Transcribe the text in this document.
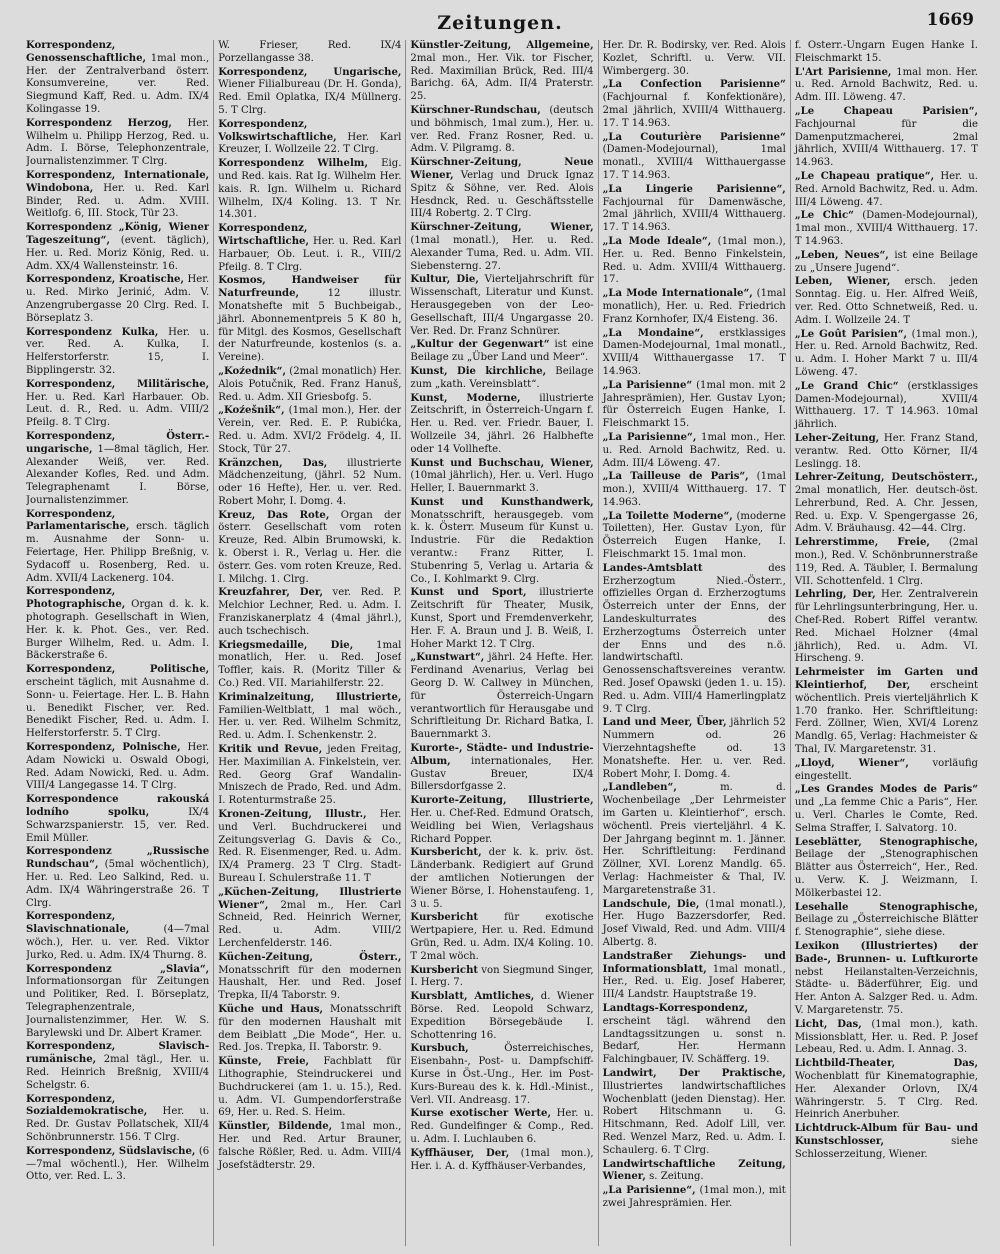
Zeitungen.	1669

Korrespondenz, Genossenschaftliche, 1mal mon., Her. der Zentralverband österr. Konsumvereine, ver. Red. Siegmund Kaff, Red. u. Adm. IX/4 Kolingasse 19.

Korrespondenz Herzog, Her. Wilhelm u. Philipp Herzog, Red. u. Adm. I. Börse, Telephonzentrale, Journalistenzimmer. T Clrg.

Korrespondenz, Internationale, Windobona, Her. u. Red. Karl Binder, Red. u. Adm. XVIII. Weitlofg. 6, III. Stock, Tür 23.

Korrespondenz „König, Wiener Tageszeitung“, (event. täglich), Her. u. Red. Moriz König, Red. u. Adm. XX/4 Wallensteinstr. 16.

Korrespondenz, Kroatische, Her. u. Red. Mirko Jerinić, Adm. V. Anzengrubergasse 20 Clrg. Red. I. Börseplatz 3.

Korrespondenz Kulka, Her. u. ver. Red. A. Kulka, I. Helferstorferstr. 15, I. Bipplingerstr. 32.

Korrespondenz, Militärische, Her. u. Red. Karl Harbauer. Ob. Leut. d. R., Red. u. Adm. VIII/2 Pfeilg. 8. T Clrg.

Korrespondenz, Österr.-ungarische, 1—8mal täglich, Her. Alexander Weiß, ver. Red. Alexander Kofles, Red. und Adm. Telegraphenamt I. Börse, Journalistenzimmer.

Korrespondenz, Parlamentarische, ersch. täglich m. Ausnahme der Sonn- u. Feiertage, Her. Philipp Breßnig, v. Sydacoff u. Rosenberg, Red. u. Adm. XVII/4 Lackenerg. 104.

Korrespondenz, Photographische, Organ d. k. k. photograph. Gesellschaft in Wien, Her. k. k. Phot. Ges., ver. Red. Burger Wilhelm, Red. u. Adm. I. Bäckerstraße 6.

Korrespondenz, Politische, erscheint täglich, mit Ausnahme d. Sonn- u. Feiertage. Her. L. B. Hahn u. Benedikt Fischer, ver. Red. Benedikt Fischer, Red. u. Adm. I. Helferstorferstr. 5. T Clrg.

Korrespondenz, Polnische, Her. Adam Nowicki u. Oswald Obogi, Red. Adam Nowicki, Red. u. Adm. VIII/4 Langegasse 14. T Clrg.

Korrespondence rakouská lodního spolku, IX/4 Schwarzspanierstr. 15, ver. Red. Emil Müller.

Korrespondenz „Russische Rundschau“, (5mal wöchentlich), Her. u. Red. Leo Salkind, Red. u. Adm. IX/4 Währingerstraße 26. T Clrg.

Korrespondenz, Slavischnationale, (4—7mal wöch.), Her. u. ver. Red. Viktor Jurko, Red. u. Adm. IX/4 Thurng. 8.

Korrespondenz „Slavia“, Informationsorgan für Zeitungen und Politiker, Red. I. Börseplatz, Telegraphenzentrale, Journalistenzimmer, Her. W. S. Barylewski und Dr. Albert Kramer.

Korrespondenz, Slavisch-rumänische, 2mal tägl., Her. u. Red. Heinrich Breßnig, XVIII/4 Schelgstr. 6.

Korrespondenz, Sozialdemokratische, Her. u. Red. Dr. Gustav Pollatschek, XII/4 Schönbrunnerstr. 156. T Clrg.

Korrespondenz, Südslavische, (6—7mal wöchentl.), Her. Wilhelm Otto, ver. Red. L. 3.

W. Frieser, Red. IX/4 Porzellangasse 38.

Korrespondenz, Ungarische, Wiener Filialbureau (Dr. H. Gonda), Red. Emil Oplatka, IX/4 Müllnerg. 5. T Clrg.

Korrespondenz, Volkswirtschaftliche, Her. Karl Kreuzer, I. Wollzeile 22. T Clrg.

Korrespondenz Wilhelm, Eig. und Red. kais. Rat Ig. Wilhelm Her. kais. R. Ign. Wilhelm u. Richard Wilhelm, IX/4 Koling. 13. T Nr. 14.301.

Korrespondenz, Wirtschaftliche, Her. u. Red. Karl Harbauer, Ob. Leut. i. R., VIII/2 Pfeilg. 8. T Clrg.

Kosmos, Handweiser für Naturfreunde, 12 illustr. Monatshefte mit 5 Buchbeigab., jährl. Abonnementpreis 5 K 80 h, für Mitgl. des Kosmos, Gesellschaft der Naturfreunde, kostenlos (s. a. Vereine).

„Koźednik“, (2mal monatlich) Her. Alois Potučnik, Red. Franz Hanuš, Red. u. Adm. XII Griesbofg. 5.

„Koźešnik“, (1mal mon.), Her. der Verein, ver. Red. E. P. Rubićka, Red. u. Adm. XVI/2 Frödelg. 4, II. Stock, Tür 27.

Kränzchen, Das, illustrierte Mädchenzeitung, (jährl. 52 Num. oder 16 Hefte), Her. u. ver. Red. Robert Mohr, I. Domg. 4.

Kreuz, Das Rote, Organ der österr. Gesellschaft vom roten Kreuze, Red. Albin Brumowski, k. k. Oberst i. R., Verlag u. Her. die österr. Ges. vom roten Kreuze, Red. I. Milchg. 1. Clrg.

Kreuzfahrer, Der, ver. Red. P. Melchior Lechner, Red. u. Adm. I. Franziskanerplatz 4 (4mal jährl.), auch tschechisch.

Kriegsmedaille, Die, 1mal monatlich, Her. u. Red. Josef Toffler, kais. R. (Moritz Tiller & Co.) Red. VII. Mariahilferstr. 22.

Kriminalzeitung, Illustrierte, Familien-Weltblatt, 1 mal wöch., Her. u. ver. Red. Wilhelm Schmitz, Red. u. Adm. I. Schenkenstr. 2.

Kritik und Revue, jeden Freitag, Her. Maximilian A. Finkelstein, ver. Red. Georg Graf Wandalin-Mniszech de Prado, Red. und Adm. I. Rotenturmstraße 25.

Kronen-Zeitung, Illustr., Her. und Verl. Buchdruckerei und Zeitungsverlag G. Davis & Co., Red. R. Eisenmenger, Red. u. Adm. IX/4 Pramerg. 23 T Clrg. Stadt-Bureau I. Schulerstraße 11. T

„Küchen-Zeitung, Illustrierte Wiener“, 2mal m., Her. Carl Schneid, Red. Heinrich Werner, Red. u. Adm. VIII/2 Lerchenfelderstr. 146.

Küchen-Zeitung, Österr., Monatsschrift für den modernen Haushalt, Her. und Red. Josef Trepka, II/4 Taborstr. 9.

Küche und Haus, Monatsschrift für den modernen Haushalt mit dem Beiblatt „Die Mode“, Her. u. Red. Jos. Trepka, II. Taborstr. 9.

Künste, Freie, Fachblatt für Lithographie, Steindruckerei und Buchdruckerei (am 1. u. 15.), Red. u. Adm. VI. Gumpendorferstraße 69, Her. u. Red. S. Heim.

Künstler, Bildende, 1mal mon., Her. und Red. Artur Brauner, falsche Rößler, Red. u. Adm. VIII/4 Josefstädterstr. 29.

Künstler-Zeitung, Allgemeine, 2mal mon., Her. Vik. tor Fischer, Red. Maximilian Brück, Red. III/4 Barichg. 6A, Adm. II/4 Praterstr. 25.

Kürschner-Rundschau, (deutsch und böhmisch, 1mal zum.), Her. u. ver. Red. Franz Rosner, Red. u. Adm. V. Pilgramg. 8.

Kürschner-Zeitung, Neue Wiener, Verlag und Druck Ignaz Spitz & Söhne, ver. Red. Alois Hesdnck, Red. u. Geschäftsstelle III/4 Robertg. 2. T Clrg.

Kürschner-Zeitung, Wiener, (1mal monatl.), Her. u. Red. Alexander Tuma, Red. u. Adm. VII. Siebensterng. 27.

Kultur, Die, Vierteljahrschrift für Wissenschaft, Literatur und Kunst. Herausgegeben von der Leo-Gesellschaft, III/4 Ungargasse 20. Ver. Red. Dr. Franz Schnürer.

„Kultur der Gegenwart“ ist eine Beilage zu „Über Land und Meer“.

Kunst, Die kirchliche, Beilage zum „kath. Vereinsblatt“.

Kunst, Moderne, illustrierte Zeitschrift, in Österreich-Ungarn f. Her. u. Red. ver. Friedr. Bauer, I. Wollzeile 34, jährl. 26 Halbhefte oder 14 Vollhefte.

Kunst und Buchschau, Wiener, (10mal jährlich), Her. u. Verl. Hugo Heller, I. Bauernmarkt 3.

Kunst und Kunsthandwerk, Monatsschrift, herausgegeb. vom k. k. Österr. Museum für Kunst u. Industrie. Für die Redaktion verantw.: Franz Ritter, I. Stubenring 5, Verlag u. Artaria & Co., I. Kohlmarkt 9. Clrg.

Kunst und Sport, illustrierte Zeitschrift für Theater, Musik, Kunst, Sport und Fremdenverkehr, Her. F. A. Braun und J. B. Weiß, I. Hoher Markt 12. T Clrg.

„Kunstwart“, jährl. 24 Hefte. Her. Ferdinand Avenarius, Verlag bei Georg D. W. Callwey in München, für Österreich-Ungarn verantwortlich für Herausgabe und Schriftleitung Dr. Richard Batka, I. Bauernmarkt 3.

Kurorte-, Städte- und Industrie-Album, internationales, Her. Gustav Breuer, IX/4 Billersdorfgasse 2.

Kurorte-Zeitung, Illustrierte, Her. u. Chef-Red. Edmund Oratsch, Weidling bei Wien, Verlagshaus Richard Popper.

Kursbericht, der k. k. priv. öst. Länderbank. Redigiert auf Grund der amtlichen Notierungen der Wiener Börse, I. Hohenstaufeng. 1, 3 u. 5.

Kursbericht für exotische Wertpapiere, Her. u. Red. Edmund Grün, Red. u. Adm. IX/4 Koling. 10. T 2mal wöch.

Kursbericht von Siegmund Singer, I. Herg. 7.

Kursblatt, Amtliches, d. Wiener Börse. Red. Leopold Schwarz, Expedition Börsegebäude I. Schottenring 16.

Kursbuch, Österreichisches, Eisenbahn-, Post- u. Dampfschiff-Kurse in Öst.-Ung., Her. im Post-Kurs-Bureau des k. k. Hdl.-Minist., Verl. VII. Andreasg. 17.

Kurse exotischer Werte, Her. u. Red. Gundelfinger & Comp., Red. u. Adm. I. Luchlauben 6.

Kyffhäuser, Der, (1mal mon.), Her. i. A. d. Kyffhäuser-Verbandes,

Her. Dr. R. Bodirsky, ver. Red. Alois Kozlet, Schriftl. u. Verw. VII. Wimbergerg. 30.

„La Confection Parisienne“ (Fachjournal f. Konfektionäre), 2mal jährlich, XVIII/4 Witthauerg. 17. T 14.963.

„La Couturière Parisienne“ (Damen-Modejournal), 1mal monatl., XVIII/4 Witthauergasse 17. T 14.963.

„La Lingerie Parisienne“, Fachjournal für Damenwäsche, 2mal jährlich, XVIII/4 Witthauerg. 17. T 14.963.

„La Mode Ideale“, (1mal mon.), Her. u. Red. Benno Finkelstein, Red. u. Adm. XVIII/4 Witthauerg. 17.

„La Mode Internationale“, (1mal monatlich), Her. u. Red. Friedrich Franz Kornhofer, IX/4 Eisteng. 36.

„La Mondaine“, erstklassiges Damen-Modejournal, 1mal monatl., XVIII/4 Witthauergasse 17. T 14.963.

„La Parisienne“ (1mal mon. mit 2 Jahresprämien), Her. Gustav Lyon; für Österreich Eugen Hanke, I. Fleischmarkt 15.

„La Parisienne“, 1mal mon., Her. u. Red. Arnold Bachwitz, Red. u. Adm. III/4 Löweng. 47.

„La Tailleuse de Paris“, (1mal mon.), XVIII/4 Witthauerg. 17. T 14.963.

„La Toilette Moderne“, (moderne Toiletten), Her. Gustav Lyon, für Österreich Eugen Hanke, I. Fleischmarkt 15. 1mal mon.

Landes-Amtsblatt des Erzherzogtum Nied.-Österr., offizielles Organ d. Erzherzogtums Österreich unter der Enns, der Landeskulturrates des Erzherzogtums Österreich unter der Enns und des n.ö. landwirtschaftl. Genossenschaftsvereines verantw. Red. Josef Opawski (jeden 1. u. 15). Red. u. Adm. VIII/4 Hamerlingplatz 9. T Clrg.

Land und Meer, Über, jährlich 52 Nummern od. 26 Vierzehntagshefte od. 13 Monatshefte. Her. u. ver. Red. Robert Mohr, I. Domg. 4.

„Landleben“, m. d. Wochenbeilage „Der Lehrmeister im Garten u. Kleintierhof“, ersch. wöchentl. Preis vierteljährl. 4 K. Der Jahrgang beginnt m. 1. Jänner. Her. Schriftleitung: Ferdinand Zöllner, XVI. Lorenz Mandlg. 65. Verlag: Hachmeister & Thal, IV. Margaretenstraße 31.

Landschule, Die, (1mal monatl.), Her. Hugo Bazzersdorfer, Red. Josef Viwald, Red. und Adm. VIII/4 Albertg. 8.

Landstraßer Ziehungs- und Informationsblatt, 1mal monatl., Her., Red. u. Eig. Josef Haberer, III/4 Landstr. Hauptstraße 19.

Landtags-Korrespondenz, erscheint tägl. während den Landtagssitzungen u. sonst n. Bedarf, Her. Hermann Falchingbauer, IV. Schäfferg. 19.

Landwirt, Der Praktische, Illustriertes landwirtschaftliches Wochenblatt (jeden Dienstag). Her. Robert Hitschmann u. G. Hitschmann, Red. Adolf Lill, ver. Red. Wenzel Marz, Red. u. Adm. I. Schaulerg. 6. T Clrg.

Landwirtschaftliche Zeitung, Wiener, s. Zeitung.

„La Parisienne“, (1mal mon.), mit zwei Jahresprämien. Her.

f. Österr.-Ungarn Eugen Hanke I. Fleischmarkt 15.

L'Art Parisienne, 1mal mon. Her. u. Red. Arnold Bachwitz, Red. u. Adm. III. Löweng. 47.

„Le Chapeau Parisien“, Fachjournal für die Damenputzmacherei, 2mal jährlich, XVIII/4 Witthauerg. 17. T 14.963.

„Le Chapeau pratique“, Her. u. Red. Arnold Bachwitz, Red. u. Adm. III/4 Löweng. 47.

„Le Chic“ (Damen-Modejournal), 1mal mon., XVIII/4 Witthauerg. 17. T 14.963.

„Leben, Neues“, ist eine Beilage zu „Unsere Jugend“.

Leben, Wiener, ersch. jeden Sonntag. Eig. u. Her. Alfred Weiß, ver. Red. Otto Schnetweiß, Red. u. Adm. I. Wollzeile 24. T

„Le Goût Parisien“, (1mal mon.), Her. u. Red. Arnold Bachwitz, Red. u. Adm. I. Hoher Markt 7 u. III/4 Löweng. 47.

„Le Grand Chic“ (erstklassiges Damen-Modejournal), XVIII/4 Witthauerg. 17. T 14.963. 10mal jährlich.

Leher-Zeitung, Her. Franz Stand, verantw. Red. Otto Körner, II/4 Leslingg. 18.

Lehrer-Zeitung, Deutschösterr., 2mal monatlich, Her. deutsch-öst. Lehrerbund, Red. A. Chr. Jessen, Red. u. Exp. V. Spengergasse 26, Adm. V. Bräuhausg. 42—44. Clrg.

Lehrerstimme, Freie, (2mal mon.), Red. V. Schönbrunnerstraße 119, Red. A. Täubler, I. Bermalung VII. Schottenfeld. 1 Clrg.

Lehrling, Der, Her. Zentralverein für Lehrlingsunterbringung, Her. u. Chef-Red. Robert Riffel verantw. Red. Michael Holzner (4mal jährlich), Red. u. Adm. VI. Hirscheng. 9.

Lehrmeister im Garten und Kleintierhof, Der, erscheint wöchentlich. Preis vierteljährlich K 1.70 franko. Her. Schriftleitung: Ferd. Zöllner, Wien, XVI/4 Lorenz Mandlg. 65, Verlag: Hachmeister & Thal, IV. Margaretenstr. 31.

„Lloyd, Wiener“, vorläufig eingestellt.

„Les Grandes Modes de Paris“ und „La femme Chic a Paris“, Her. u. Verl. Charles le Comte, Red. Selma Straffer, I. Salvatorg. 10.

Leseblätter, Stenographische, Beilage der „Stenographischen Blätter aus Österreich“, Her., Red. u. Verw. K. J. Weizmann, I. Mölkerbastei 12.

Lesehalle Stenographische, Beilage zu „Österreichische Blätter f. Stenographie“, siehe diese.

Lexikon (Illustriertes) der Bade-, Brunnen- u. Luftkurorte nebst Heilanstalten-Verzeichnis, Städte- u. Bäderführer, Eig. und Her. Anton A. Salzger Red. u. Adm. V. Margaretenstr. 75.

Licht, Das, (1mal mon.), kath. Missionsblatt, Her. u. Red. P. Josef Lebeau, Red. u. Adm. I. Annag. 3.

Lichtbild-Theater, Das, Wochenblatt für Kinematographie, Her. Alexander Orlovn, IX/4 Währingerstr. 5. T Clrg. Red. Heinrich Anerbuher.

Lichtdruck-Album für Bau- und Kunstschlosser, siehe Schlosserzeitung, Wiener.
